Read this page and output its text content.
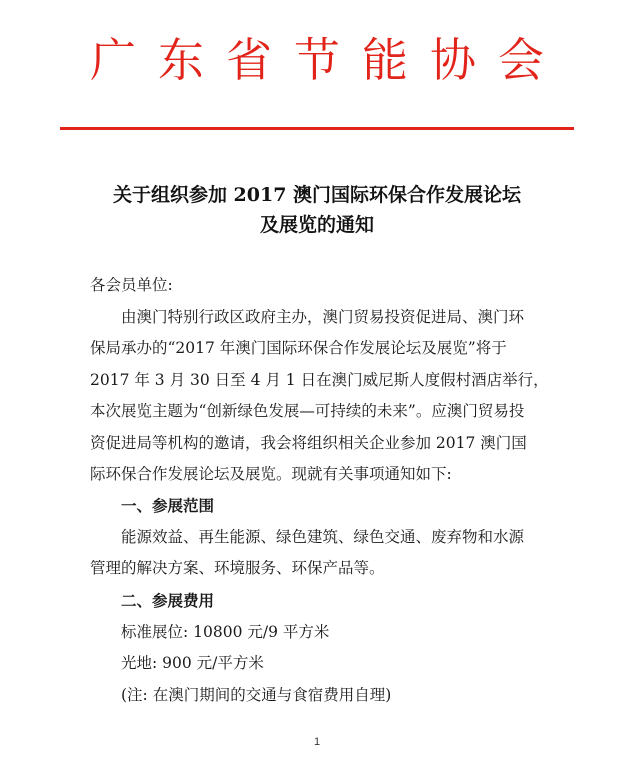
广东省节能协会
关于组织参加 2017 澳门国际环保合作发展论坛
及展览的通知
各会员单位:
由澳门特别行政区政府主办，澳门贸易投资促进局、澳门环
保局承办的“2017 年澳门国际环保合作发展论坛及展览”将于
2017 年 3 月 30 日至 4 月 1 日在澳门威尼斯人度假村酒店举行，
本次展览主题为“创新绿色发展—可持续的未来”。应澳门贸易投
资促进局等机构的邀请，我会将组织相关企业参加 2017 澳门国
际环保合作发展论坛及展览。现就有关事项通知如下:
一、参展范围
能源效益、再生能源、绿色建筑、绿色交通、废弃物和水源
管理的解决方案、环境服务、环保产品等。
二、参展费用
标准展位: 10800 元/9 平方米
光地: 900 元/平方米
(注: 在澳门期间的交通与食宿费用自理)
1
